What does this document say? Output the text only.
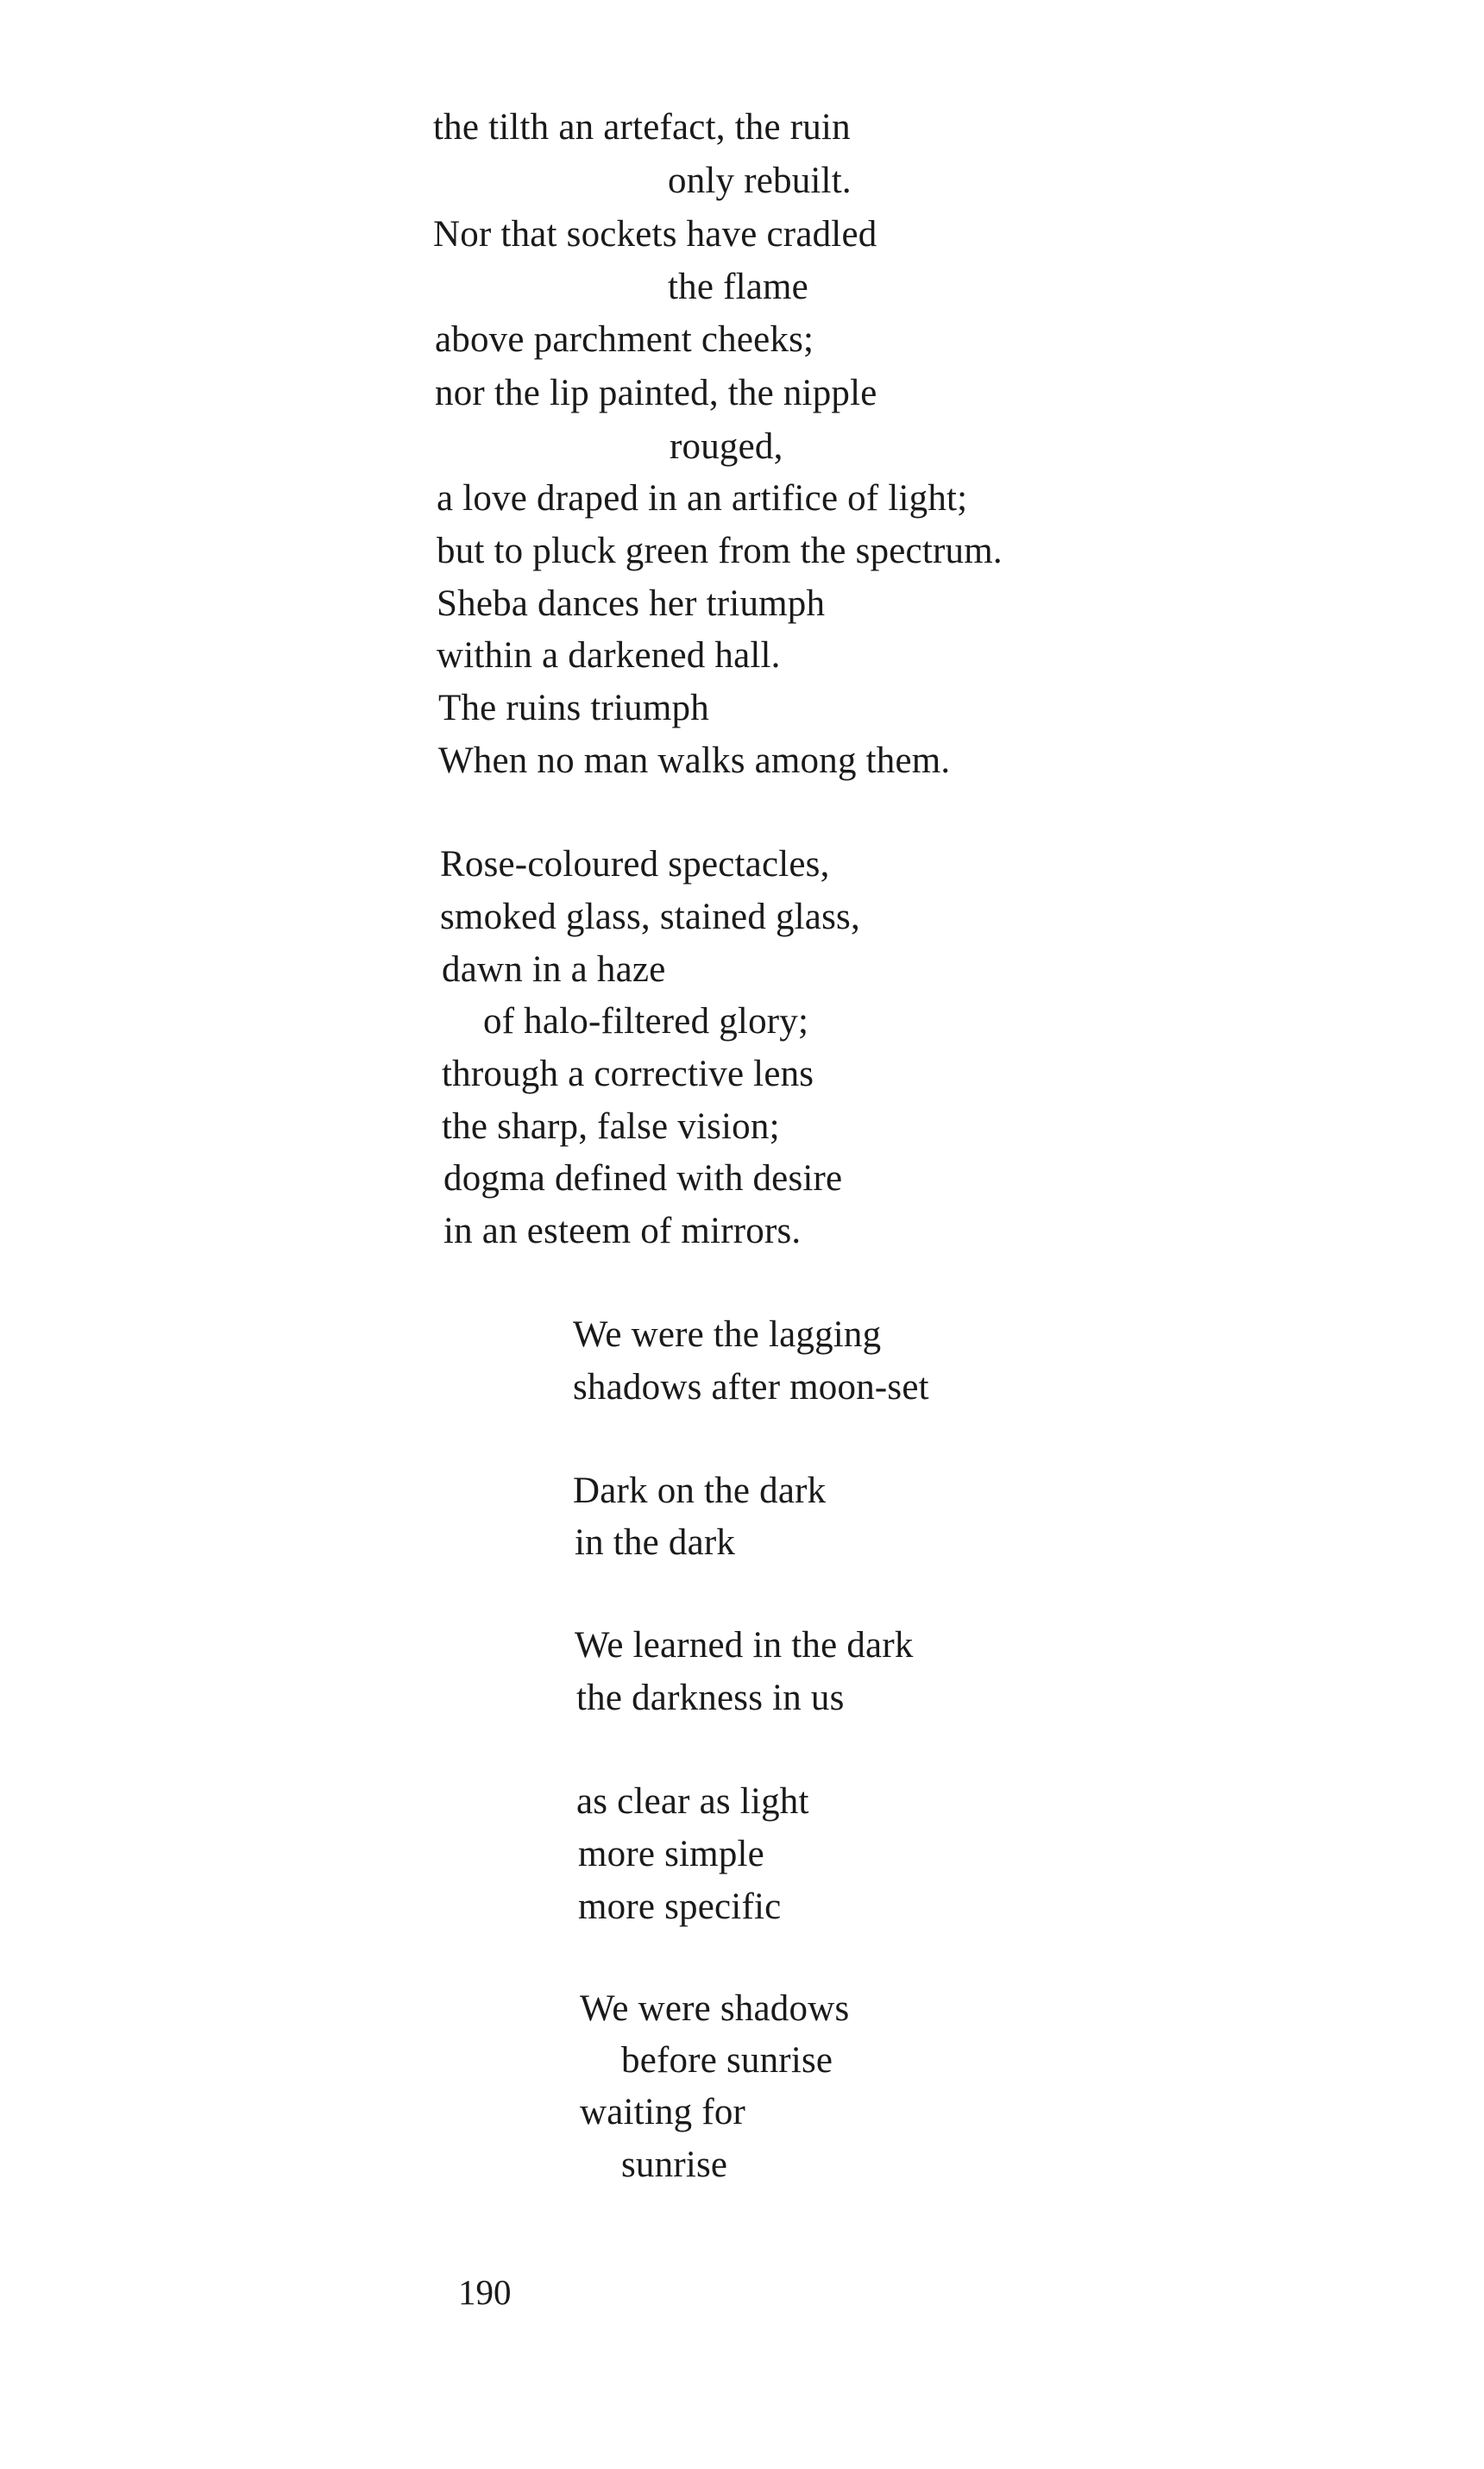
the tilth an artefact, the ruin
only rebuilt.
Nor that sockets have cradled
the flame
above parchment cheeks;
nor the lip painted, the nipple
rouged,
a love draped in an artifice of light;
but to pluck green from the spectrum.
Sheba dances her triumph
within a darkened hall.
The ruins triumph
When no man walks among them.
Rose-coloured spectacles,
smoked glass, stained glass,
dawn in a haze
of halo-filtered glory;
through a corrective lens
the sharp, false vision;
dogma defined with desire
in an esteem of mirrors.
We were the lagging
shadows after moon-set
Dark on the dark
in the dark
We learned in the dark
the darkness in us
as clear as light
more simple
more specific
We were shadows
before sunrise
waiting for
sunrise
190
